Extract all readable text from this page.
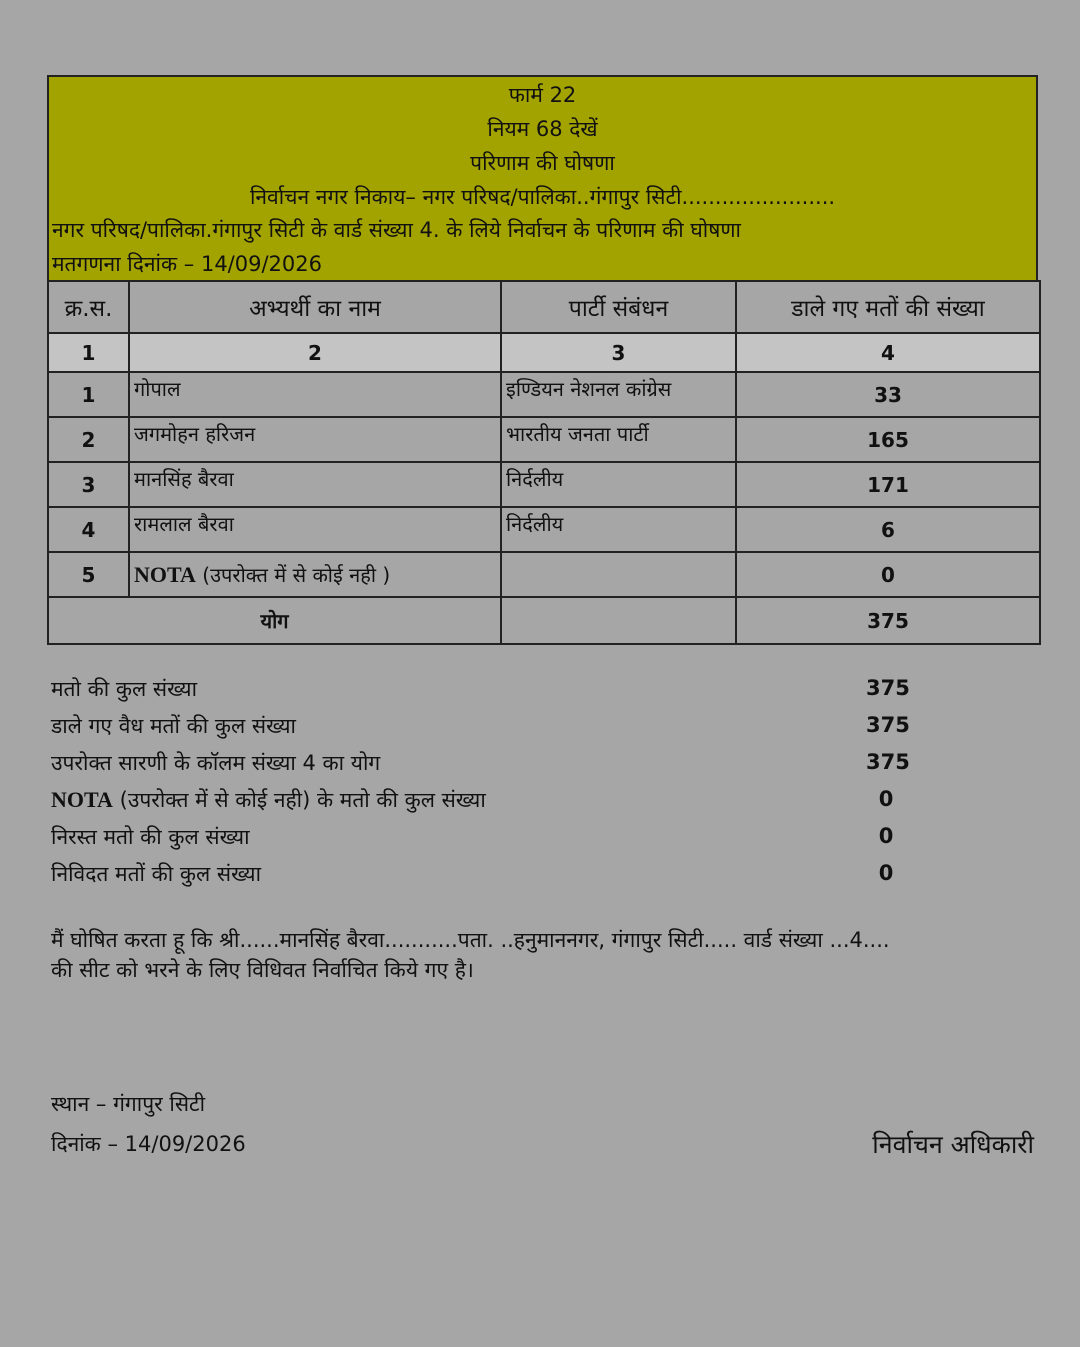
फार्म 22
नियम 68 देखें
परिणाम की घोषणा
निर्वाचन नगर निकाय– नगर परिषद/पालिका..गंगापुर सिटी.......................
नगर परिषद/पालिका.गंगापुर सिटी के वार्ड संख्या 4. के लिये निर्वाचन के परिणाम की घोषणा
मतगणना दिनांक – 14/09/2026
क्र.स.	अभ्यर्थी का नाम	पार्टी संबंधन	डाले गए मतों की संख्या
1	2	3	4
1	गोपाल	इण्डियन नेशनल कांग्रेस	33
2	जगमोहन हरिजन	भारतीय जनता पार्टी	165
3	मानसिंह बैरवा	निर्दलीय	171
4	रामलाल बैरवा	निर्दलीय	6
5	NOTA (उपरोक्त में से कोई नही )		0
योग			375
मतो की कुल संख्या	375
डाले गए वैध मतों की कुल संख्या	375
उपरोक्त सारणी के कॉलम संख्या 4 का योग	375
NOTA (उपरोक्त में से कोई नही) के मतो की कुल संख्या	0
निरस्त मतो की कुल संख्या	0
निविदत मतों की कुल संख्या	0
मैं घोषित करता हू कि श्री......मानसिंह बैरवा...........पता. ..हनुमाननगर, गंगापुर सिटी..... वार्ड संख्या ...4....
की सीट को भरने के लिए विधिवत निर्वाचित किये गए है।
स्थान – गंगापुर सिटी
दिनांक – 14/09/2026	निर्वाचन अधिकारी
